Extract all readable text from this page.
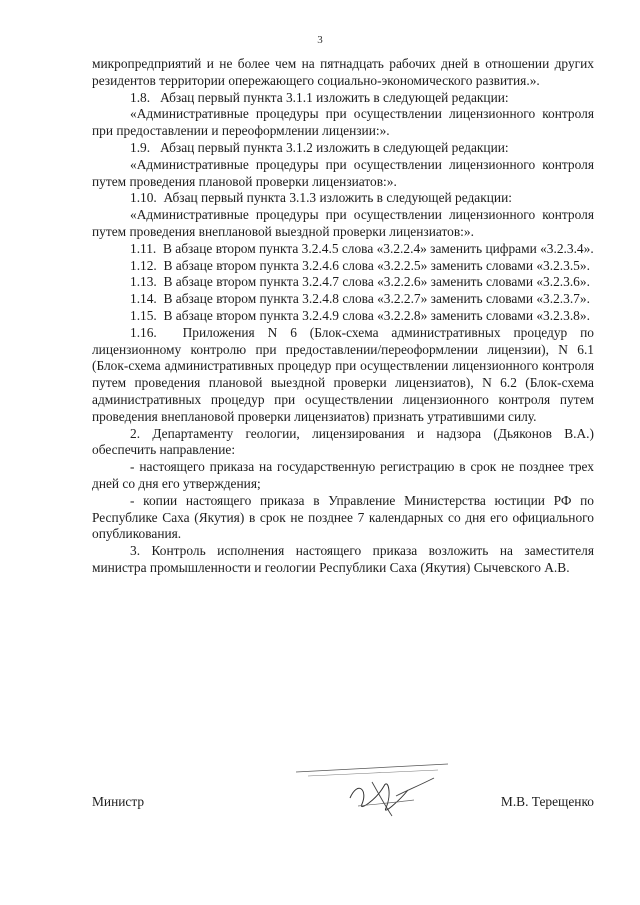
3

микропредприятий и не более чем на пятнадцать рабочих дней в отношении других резидентов территории опережающего социально-экономического развития.».

1.8.   Абзац первый пункта 3.1.1 изложить в следующей редакции:

«Административные процедуры при осуществлении лицензионного контроля при предоставлении и переоформлении лицензии:».

1.9.   Абзац первый пункта 3.1.2 изложить в следующей редакции:

«Административные процедуры при осуществлении лицензионного контроля путем проведения плановой проверки лицензиатов:».

1.10.  Абзац первый пункта 3.1.3 изложить в следующей редакции:

«Административные процедуры при осуществлении лицензионного контроля путем проведения внеплановой выездной проверки лицензиатов:».

1.11.  В абзаце втором пункта 3.2.4.5 слова «3.2.2.4» заменить цифрами «3.2.3.4».

1.12.  В абзаце втором пункта 3.2.4.6 слова «3.2.2.5» заменить словами «3.2.3.5».

1.13.  В абзаце втором пункта 3.2.4.7 слова «3.2.2.6» заменить словами «3.2.3.6».

1.14.  В абзаце втором пункта 3.2.4.8 слова «3.2.2.7» заменить словами «3.2.3.7».

1.15.  В абзаце втором пункта 3.2.4.9 слова «3.2.2.8» заменить словами «3.2.3.8».

1.16.  Приложения N 6 (Блок-схема административных процедур по лицензионному контролю при предоставлении/переоформлении лицензии), N 6.1 (Блок-схема административных процедур при осуществлении лицензионного контроля путем проведения плановой выездной проверки лицензиатов), N 6.2 (Блок-схема административных процедур при осуществлении лицензионного контроля путем проведения внеплановой проверки лицензиатов) признать утратившими силу.

2. Департаменту геологии, лицензирования и надзора (Дьяконов В.А.) обеспечить направление:

- настоящего приказа на государственную регистрацию в срок не позднее трех дней со дня его утверждения;

- копии настоящего приказа в Управление Министерства юстиции РФ по Республике Саха (Якутия) в срок не позднее 7 календарных со дня его официального опубликования.

3. Контроль исполнения настоящего приказа возложить на заместителя министра промышленности и геологии Республики Саха (Якутия) Сычевского А.В.

Министр	М.В. Терещенко
